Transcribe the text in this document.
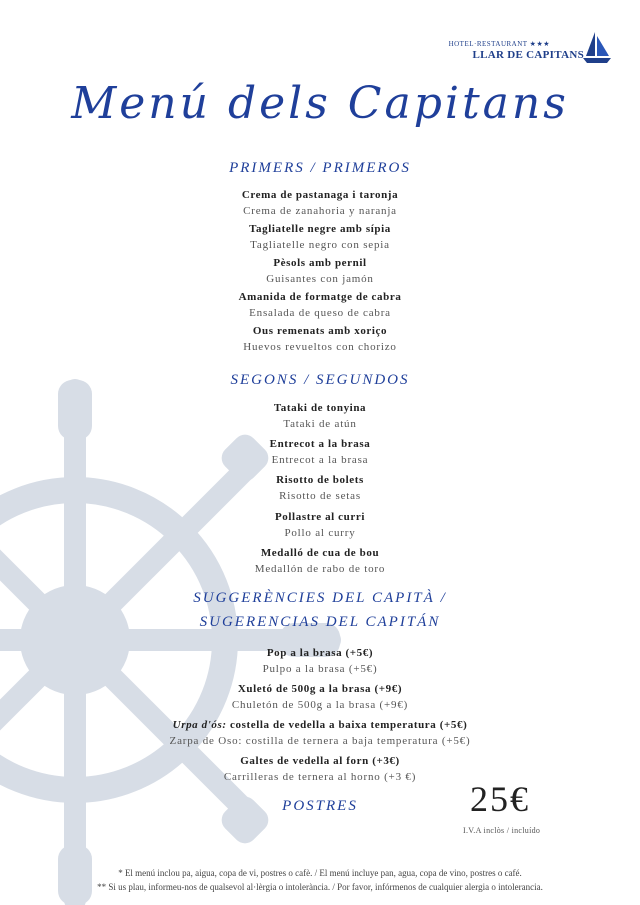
HOTEL·RESTAURANT ★★★
LLAR DE CAPITANS
Menú dels Capitans
PRIMERS / PRIMEROS
Crema de pastanaga i taronja
Crema de zanahoria y naranja
Tagliatelle negre amb sípia
Tagliatelle negro con sepia
Pèsols amb pernil
Guisantes con jamón
Amanida de formatge de cabra
Ensalada de queso de cabra
Ous remenats amb xoriço
Huevos revueltos con chorizo
SEGONS / SEGUNDOS
Tataki de tonyina
Tataki de atún
Entrecot a la brasa
Entrecot a la brasa
Risotto de bolets
Risotto de setas
Pollastre al curri
Pollo al curry
Medalló de cua de bou
Medallón de rabo de toro
SUGGERÈNCIES DEL CAPITÀ /
SUGERENCIAS DEL CAPITÁN
Pop a la brasa (+5€)
Pulpo a la brasa (+5€)
Xuletó de 500g a la brasa (+9€)
Chuletón de 500g a la brasa (+9€)
Urpa d'ós: costella de vedella a baixa temperatura (+5€)
Zarpa de Oso: costilla de ternera a baja temperatura (+5€)
Galtes de vedella al forn (+3€)
Carrilleras de ternera al horno (+3 €)
POSTRES	25€
I.V.A inclòs / incluído
* El menú inclou pa, aigua, copa de vi, postres o cafè. / El menú incluye pan, agua, copa de vino, postres o café.
** Si us plau, informeu-nos de qualsevol al·lèrgia o intolerància. / Por favor, infórmenos de cualquier alergia o intolerancia.
